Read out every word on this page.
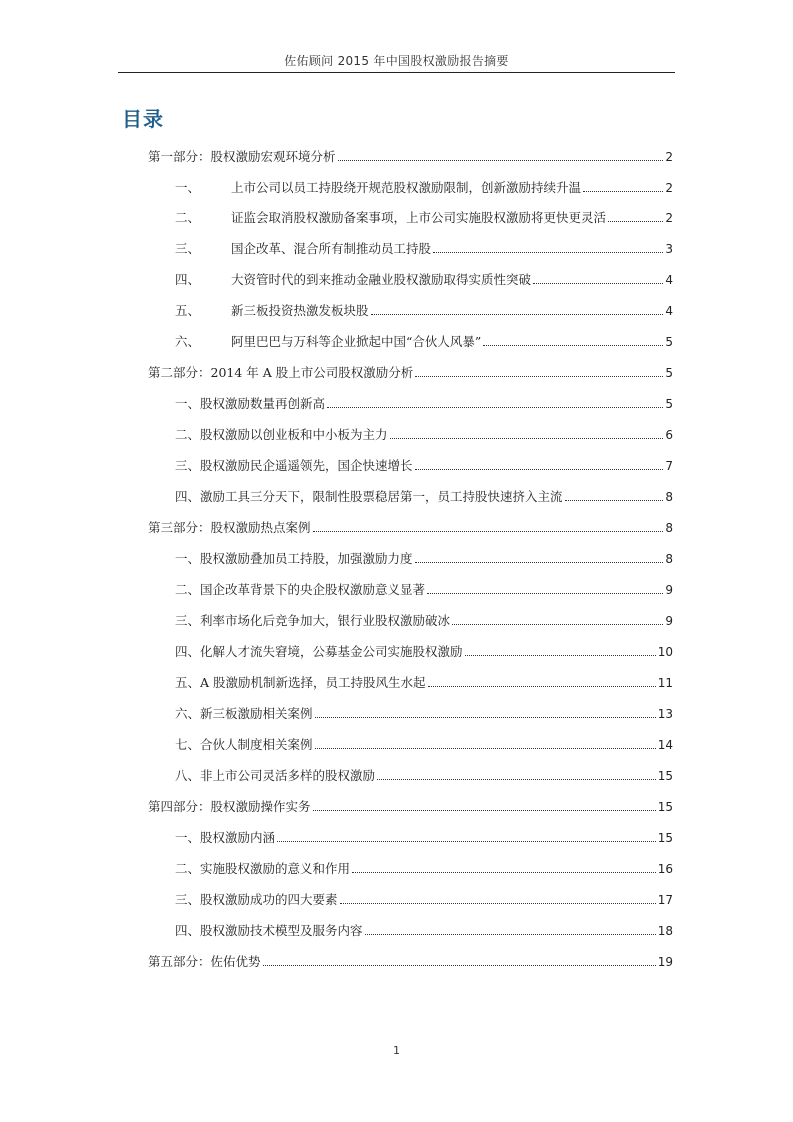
佐佑顾问 2015 年中国股权激励报告摘要
目录
第一部分：股权激励宏观环境分析	2
一、	上市公司以员工持股绕开规范股权激励限制，创新激励持续升温	2
二、	证监会取消股权激励备案事项，上市公司实施股权激励将更快更灵活	2
三、	国企改革、混合所有制推动员工持股	3
四、	大资管时代的到来推动金融业股权激励取得实质性突破	4
五、	新三板投资热激发板块股	4
六、	阿里巴巴与万科等企业掀起中国“合伙人风暴”	5
第二部分：2014 年 A 股上市公司股权激励分析	5
一、股权激励数量再创新高	5
二、股权激励以创业板和中小板为主力	6
三、股权激励民企遥遥领先，国企快速增长	7
四、激励工具三分天下，限制性股票稳居第一，员工持股快速挤入主流	8
第三部分：股权激励热点案例	8
一、股权激励叠加员工持股，加强激励力度	8
二、国企改革背景下的央企股权激励意义显著	9
三、利率市场化后竞争加大，银行业股权激励破冰	9
四、化解人才流失窘境，公募基金公司实施股权激励	10
五、A 股激励机制新选择，员工持股风生水起	11
六、新三板激励相关案例	13
七、合伙人制度相关案例	14
八、非上市公司灵活多样的股权激励	15
第四部分：股权激励操作实务	15
一、股权激励内涵	15
二、实施股权激励的意义和作用	16
三、股权激励成功的四大要素	17
四、股权激励技术模型及服务内容	18
第五部分：佐佑优势	19
1
